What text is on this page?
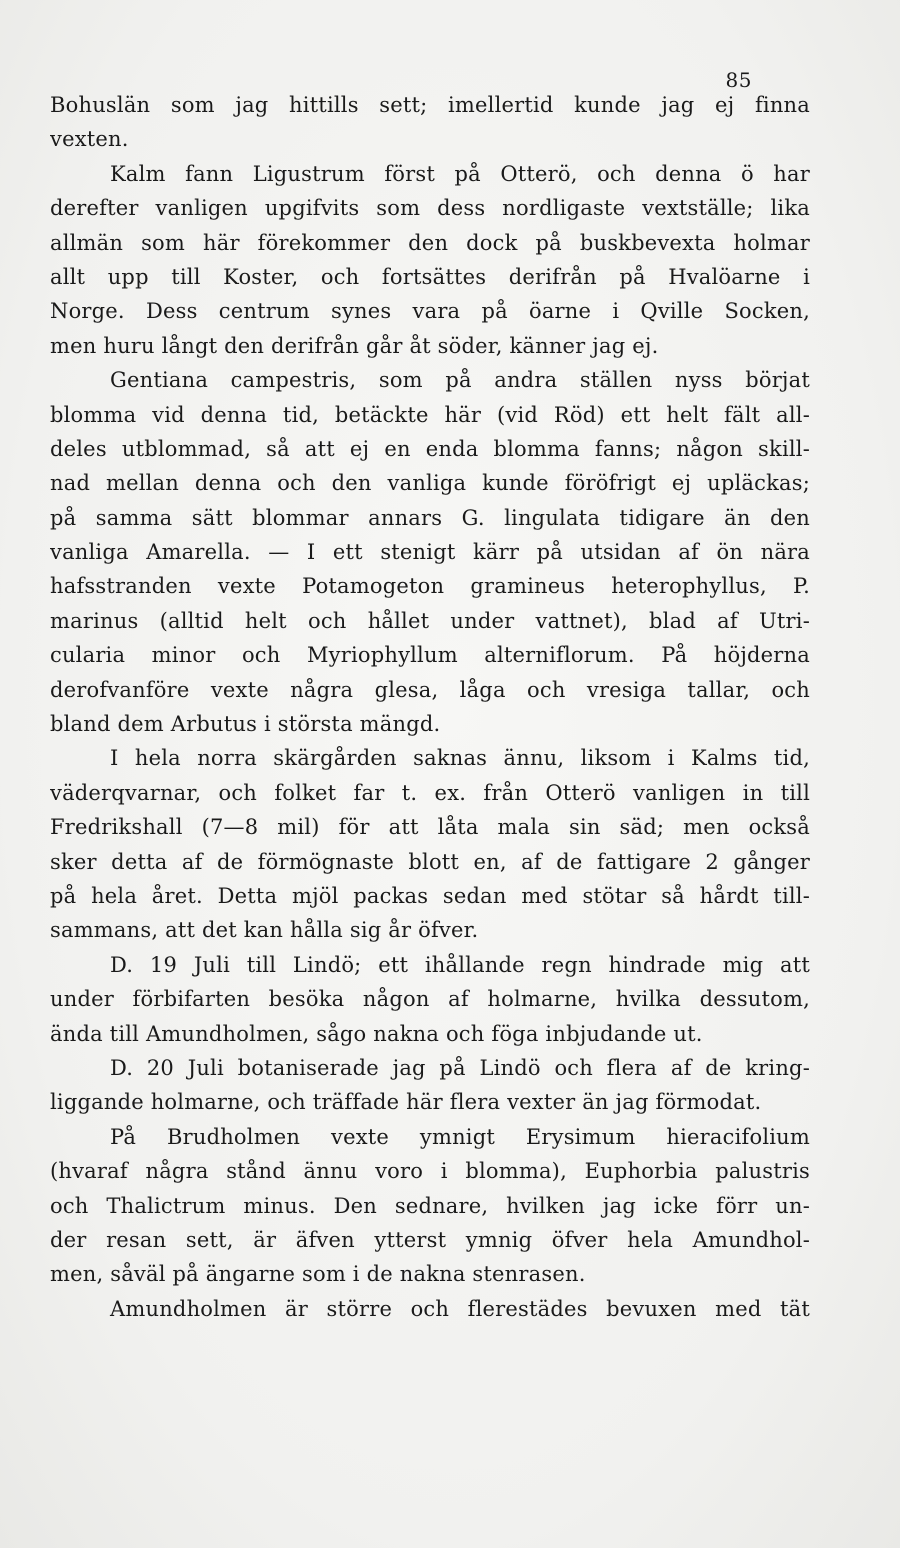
85
Bohuslän som jag hittills sett; imellertid kunde jag ej finna
vexten.
Kalm fann Ligustrum först på Otterö, och denna ö har
derefter vanligen upgifvits som dess nordligaste vextställe; lika
allmän som här förekommer den dock på buskbevexta holmar
allt upp till Koster, och fortsättes derifrån på Hvalöarne i
Norge. Dess centrum synes vara på öarne i Qville Socken,
men huru långt den derifrån går åt söder, känner jag ej.
Gentiana campestris, som på andra ställen nyss börjat
blomma vid denna tid, betäckte här (vid Röd) ett helt fält all-
deles utblommad, så att ej en enda blomma fanns; någon skill-
nad mellan denna och den vanliga kunde föröfrigt ej upläckas;
på samma sätt blommar annars G. lingulata tidigare än den
vanliga Amarella. — I ett stenigt kärr på utsidan af ön nära
hafsstranden vexte Potamogeton gramineus heterophyllus, P.
marinus (alltid helt och hållet under vattnet), blad af Utri-
cularia minor och Myriophyllum alterniflorum. På höjderna
derofvanföre vexte några glesa, låga och vresiga tallar, och
bland dem Arbutus i största mängd.
I hela norra skärgården saknas ännu, liksom i Kalms tid,
väderqvarnar, och folket far t. ex. från Otterö vanligen in till
Fredrikshall (7—8 mil) för att låta mala sin säd; men också
sker detta af de förmögnaste blott en, af de fattigare 2 gånger
på hela året. Detta mjöl packas sedan med stötar så hårdt till-
sammans, att det kan hålla sig år öfver.
D. 19 Juli till Lindö; ett ihållande regn hindrade mig att
under förbifarten besöka någon af holmarne, hvilka dessutom,
ända till Amundholmen, sågo nakna och föga inbjudande ut.
D. 20 Juli botaniserade jag på Lindö och flera af de kring-
liggande holmarne, och träffade här flera vexter än jag förmodat.
På Brudholmen vexte ymnigt Erysimum hieracifolium
(hvaraf några stånd ännu voro i blomma), Euphorbia palustris
och Thalictrum minus. Den sednare, hvilken jag icke förr un-
der resan sett, är äfven ytterst ymnig öfver hela Amundhol-
men, såväl på ängarne som i de nakna stenrasen.
Amundholmen är större och flerestädes bevuxen med tät
